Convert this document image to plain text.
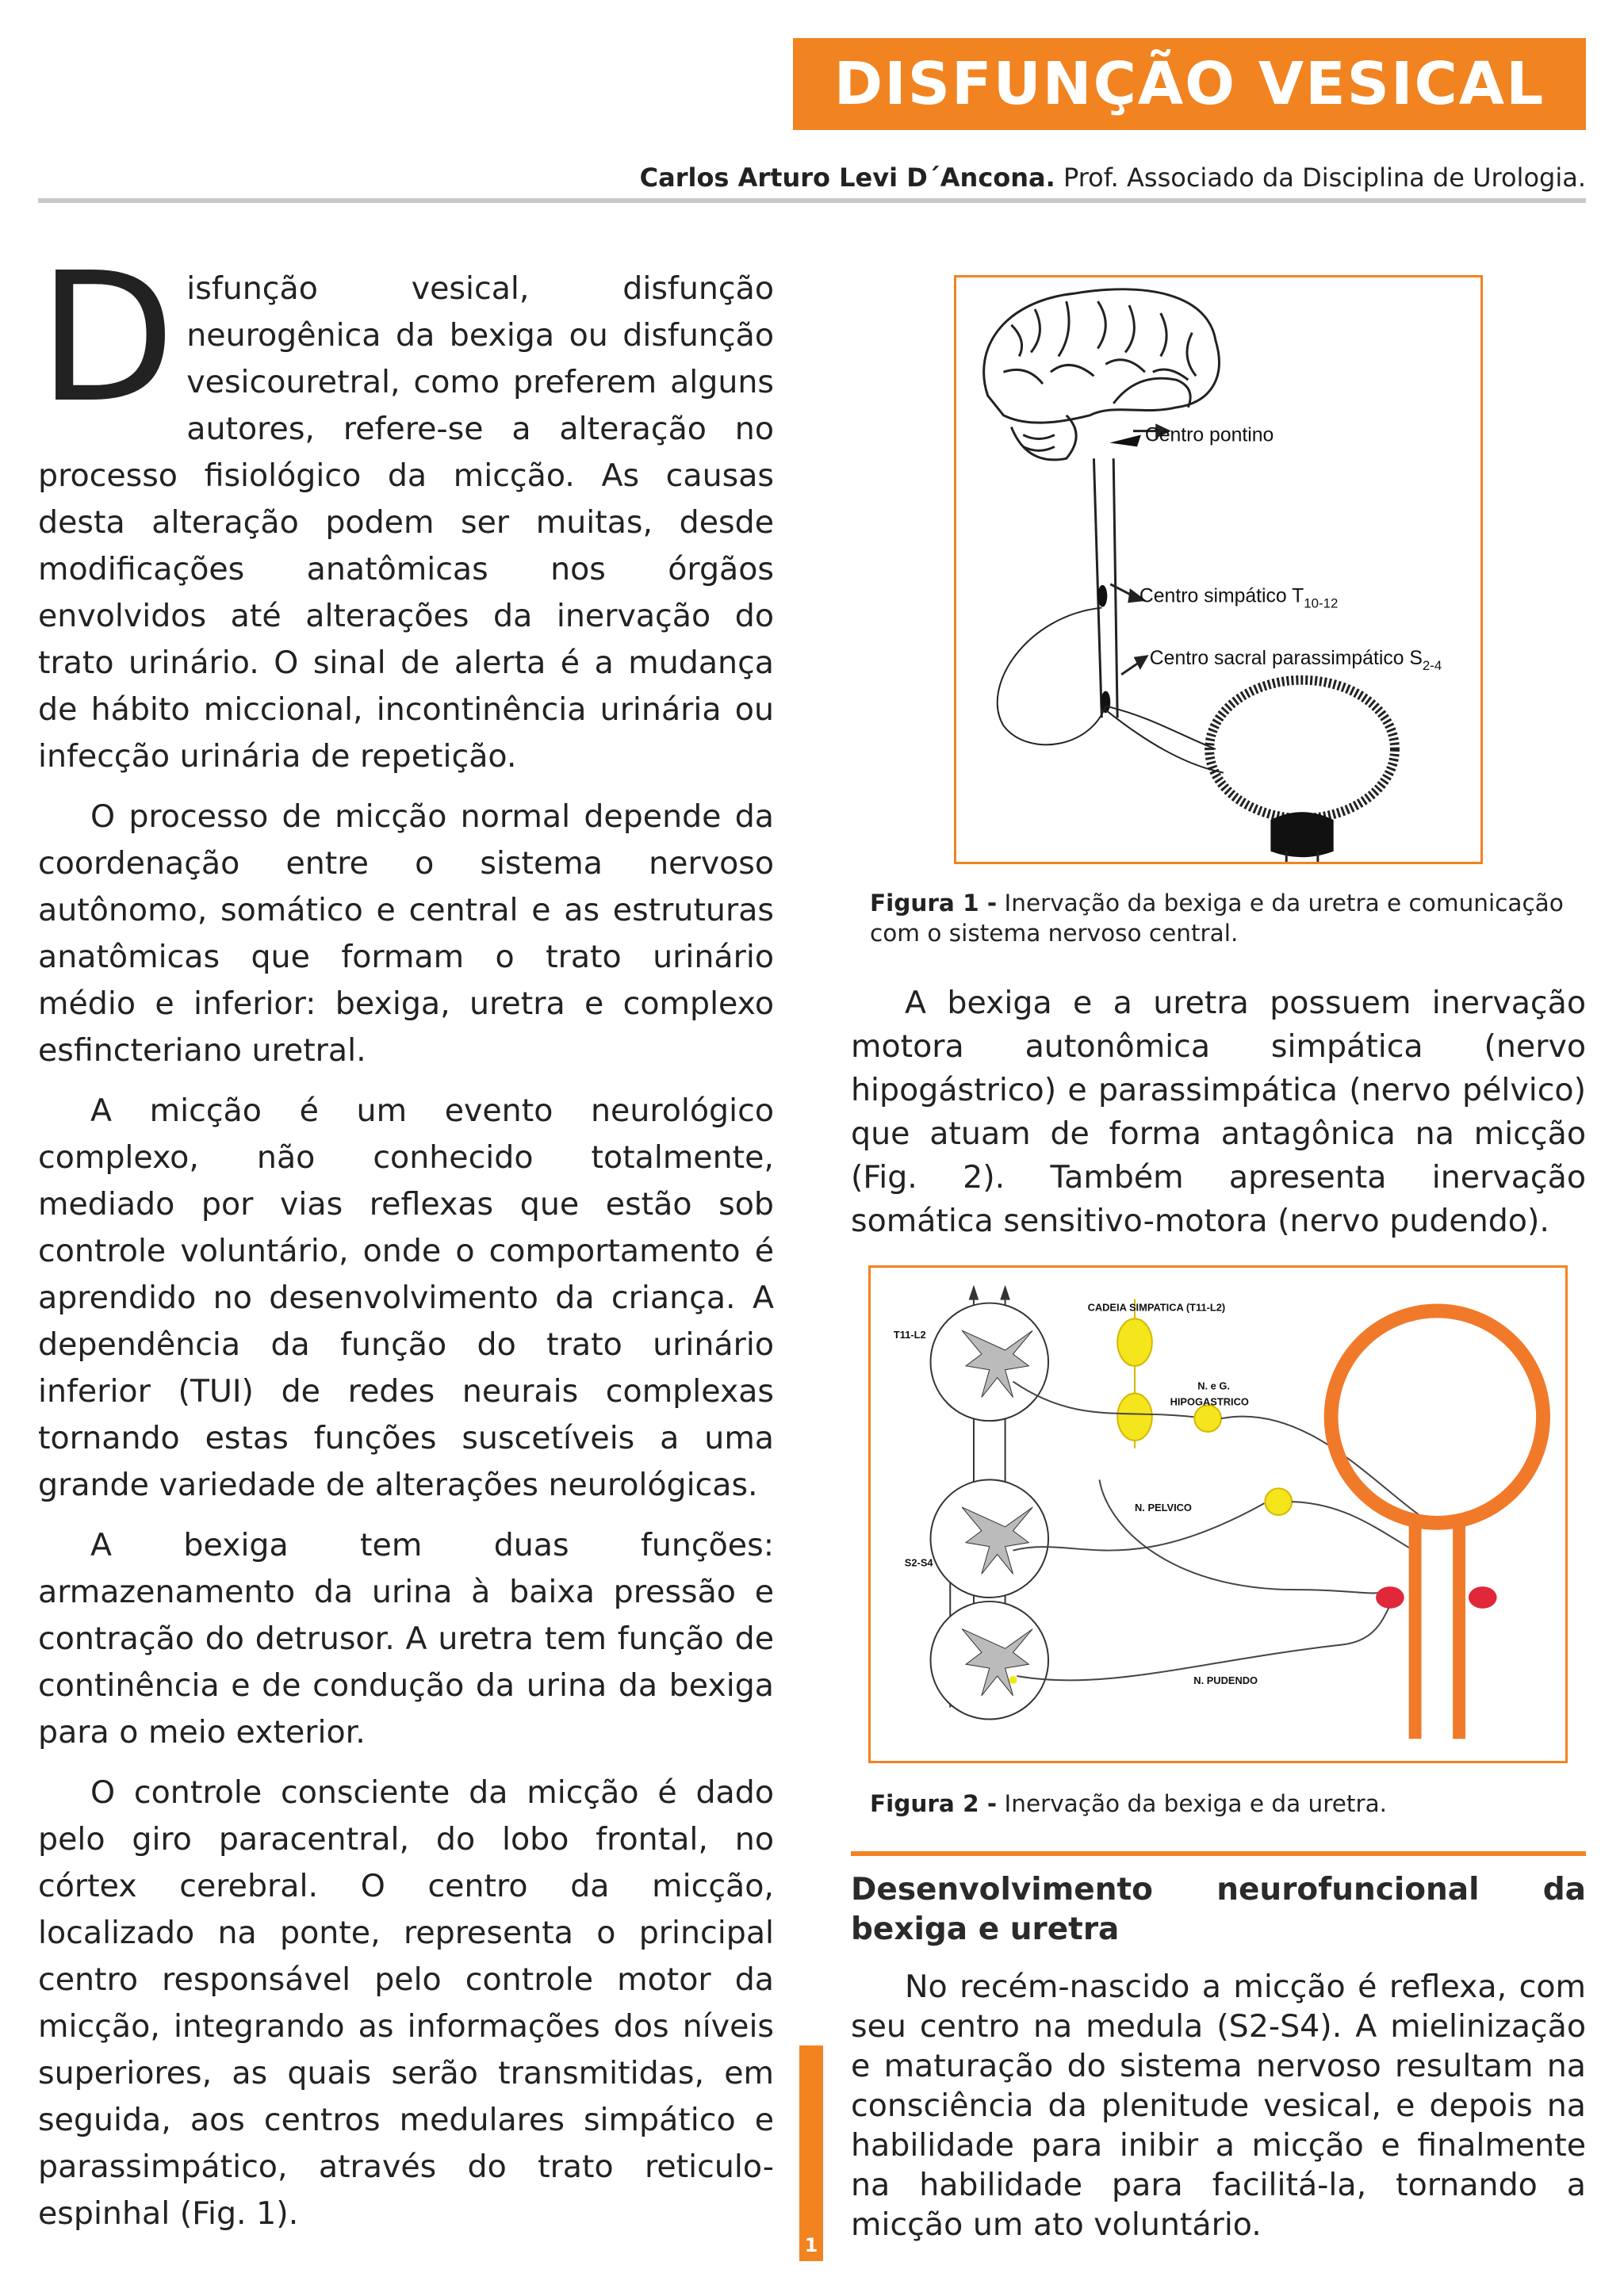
DISFUNÇÃO VESICAL
Carlos Arturo Levi D´Ancona. Prof. Associado da Disciplina de Urologia.

D isfunção vesical, disfunção neurogênica da bexiga ou disfunção vesicouretral, como preferem alguns autores, refere-se a alteração no processo fisiológico da micção. As causas desta alteração podem ser muitas, desde modificações anatômicas nos órgãos envolvidos até alterações da inervação do trato urinário. O sinal de alerta é a mudança de hábito miccional, incontinência urinária ou infecção urinária de repetição.

O processo de micção normal depende da coordenação entre o sistema nervoso autônomo, somático e central e as estruturas anatômicas que formam o trato urinário médio e inferior: bexiga, uretra e complexo esfincteriano uretral.

A micção é um evento neurológico complexo, não conhecido totalmente, mediado por vias reflexas que estão sob controle voluntário, onde o comportamento é aprendido no desenvolvimento da criança. A dependência da função do trato urinário inferior (TUI) de redes neurais complexas tornando estas funções suscetíveis a uma grande variedade de alterações neurológicas.

A bexiga tem duas funções: armazenamento da urina à baixa pressão e contração do detrusor. A uretra tem função de continência e de condução da urina da bexiga para o meio exterior.

O controle consciente da micção é dado pelo giro paracentral, do lobo frontal, no córtex cerebral. O centro da micção, localizado na ponte, representa o principal centro responsável pelo controle motor da micção, integrando as informações dos níveis superiores, as quais serão transmitidas, em seguida, aos centros medulares simpático e parassimpático, através do trato reticulo-espinhal (Fig. 1).

Centro pontino
Centro simpático $T_{10-12}$
Centro sacral parassimpático $S_{2-4}$
Figura 1 - Inervação da bexiga e da uretra e comunicação com o sistema nervoso central.

A bexiga e a uretra possuem inervação motora autonômica simpática (nervo hipogástrico) e parassimpática (nervo pélvico) que atuam de forma antagônica na micção (Fig. 2). Também apresenta inervação somática sensitivo-motora (nervo pudendo).

CADEIA SIMPATICA (T11-L2)
T11-L2
N. e G.
HIPOGASTRICO
N. PELVICO
S2-S4
N. PUDENDO
Figura 2 - Inervação da bexiga e da uretra.
Desenvolvimento neurofuncional da
bexiga e uretra

No recém-nascido a micção é reflexa, com seu centro na medula (S2-S4). A mielinização e maturação do sistema nervoso resultam na consciência da plenitude vesical, e depois na habilidade para inibir a micção e finalmente na habilidade para facilitá-la, tornando a micção um ato voluntário.

1
